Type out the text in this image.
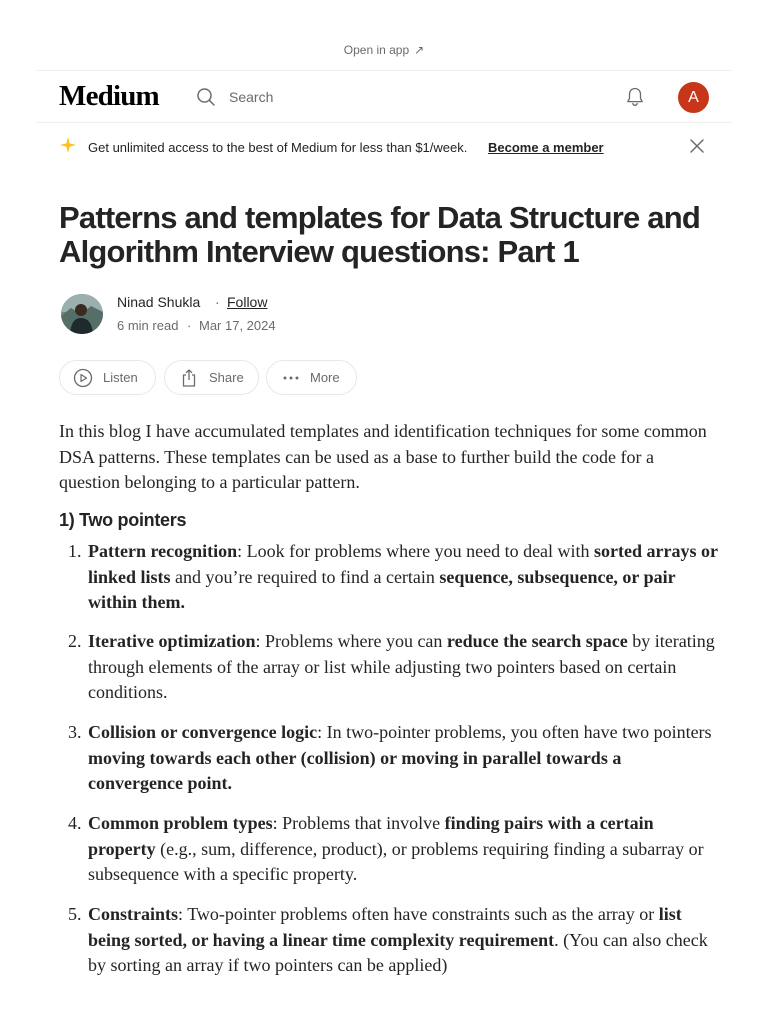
Open in app ↗
Medium	Search	A
Get unlimited access to the best of Medium for less than $1/week. Become a member
Patterns and templates for Data Structure and Algorithm Interview questions: Part 1
Ninad Shukla · Follow
6 min read · Mar 17, 2024
Listen	Share	More

In this blog I have accumulated templates and identification techniques for some common DSA patterns. These templates can be used as a base to further build the code for a question belonging to a particular pattern.

1) Two pointers
1. Pattern recognition: Look for problems where you need to deal with sorted arrays or linked lists and you’re required to find a certain sequence, subsequence, or pair within them.
2. Iterative optimization: Problems where you can reduce the search space by iterating through elements of the array or list while adjusting two pointers based on certain conditions.
3. Collision or convergence logic: In two-pointer problems, you often have two pointers moving towards each other (collision) or moving in parallel towards a convergence point.
4. Common problem types: Problems that involve finding pairs with a certain property (e.g., sum, difference, product), or problems requiring finding a subarray or subsequence with a specific property.
5. Constraints: Two-pointer problems often have constraints such as the array or list being sorted, or having a linear time complexity requirement. (You can also check by sorting an array if two pointers can be applied)
